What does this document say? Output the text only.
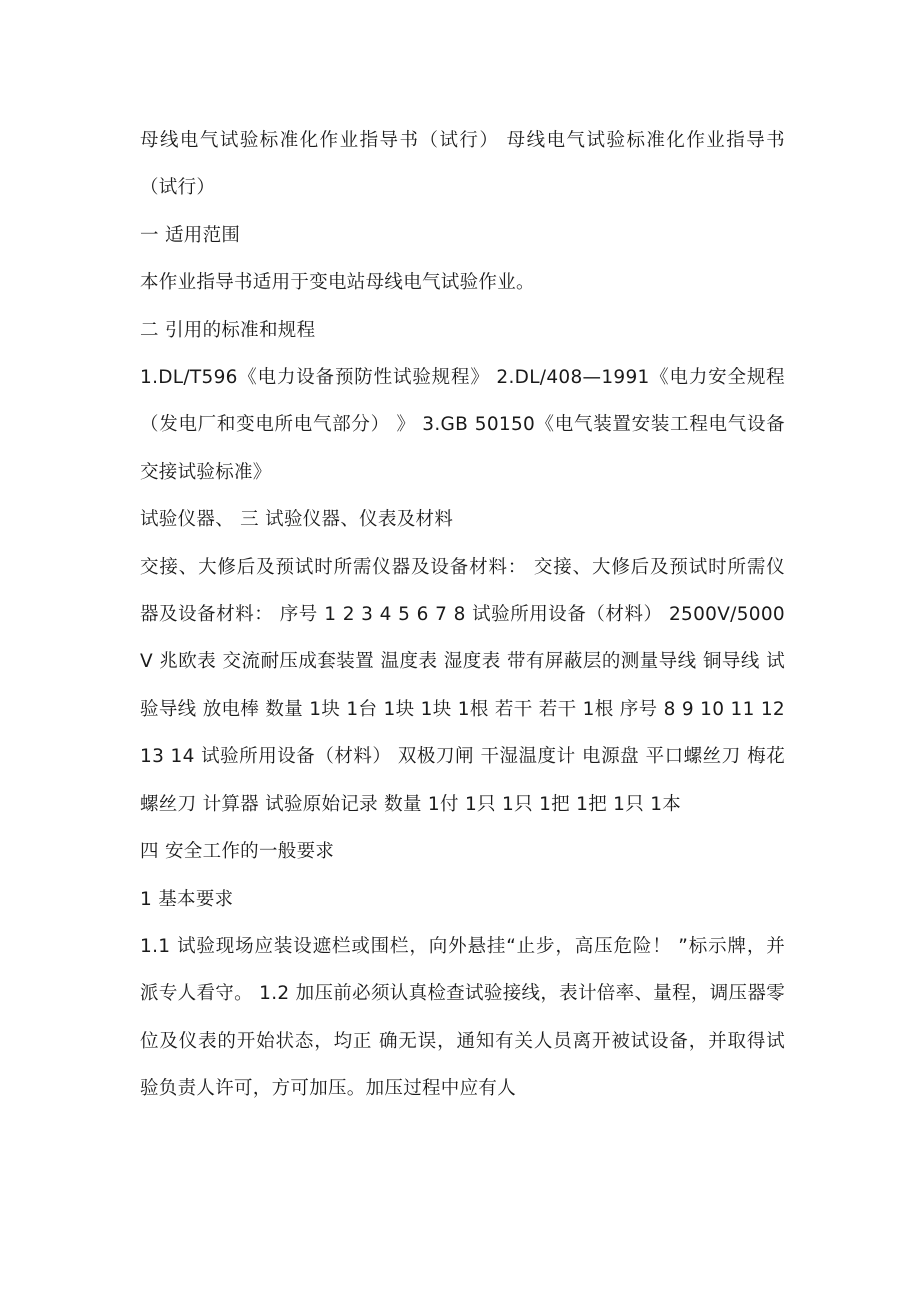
母线电气试验标准化作业指导书（试行） 母线电气试验标准化作业指导书（试行）

一 适用范围

本作业指导书适用于变电站母线电气试验作业。

二 引用的标准和规程

1.DL/T596《电力设备预防性试验规程》 2.DL/408—1991《电力安全规程（发电厂和变电所电气部分） 》 3.GB 50150《电气装置安装工程电气设备交接试验标准》

试验仪器、 三 试验仪器、仪表及材料

交接、大修后及预试时所需仪器及设备材料： 交接、大修后及预试时所需仪器及设备材料： 序号 1 2 3 4 5 6 7 8 试验所用设备（材料） 2500V/5000V 兆欧表 交流耐压成套装置 温度表 湿度表 带有屏蔽层的测量导线 铜导线 试验导线 放电棒 数量 1块 1台 1块 1块 1根 若干 若干 1根 序号 8 9 10 11 12 13 14 试验所用设备（材料） 双极刀闸 干湿温度计 电源盘 平口螺丝刀 梅花螺丝刀 计算器 试验原始记录 数量 1付 1只 1只 1把 1把 1只 1本

四 安全工作的一般要求

1 基本要求

1.1 试验现场应装设遮栏或围栏，向外悬挂“止步，高压危险！ ”标示牌，并派专人看守。 1.2 加压前必须认真检查试验接线，表计倍率、量程，调压器零位及仪表的开始状态，均正 确无误，通知有关人员离开被试设备，并取得试验负责人许可，方可加压。加压过程中应有人
